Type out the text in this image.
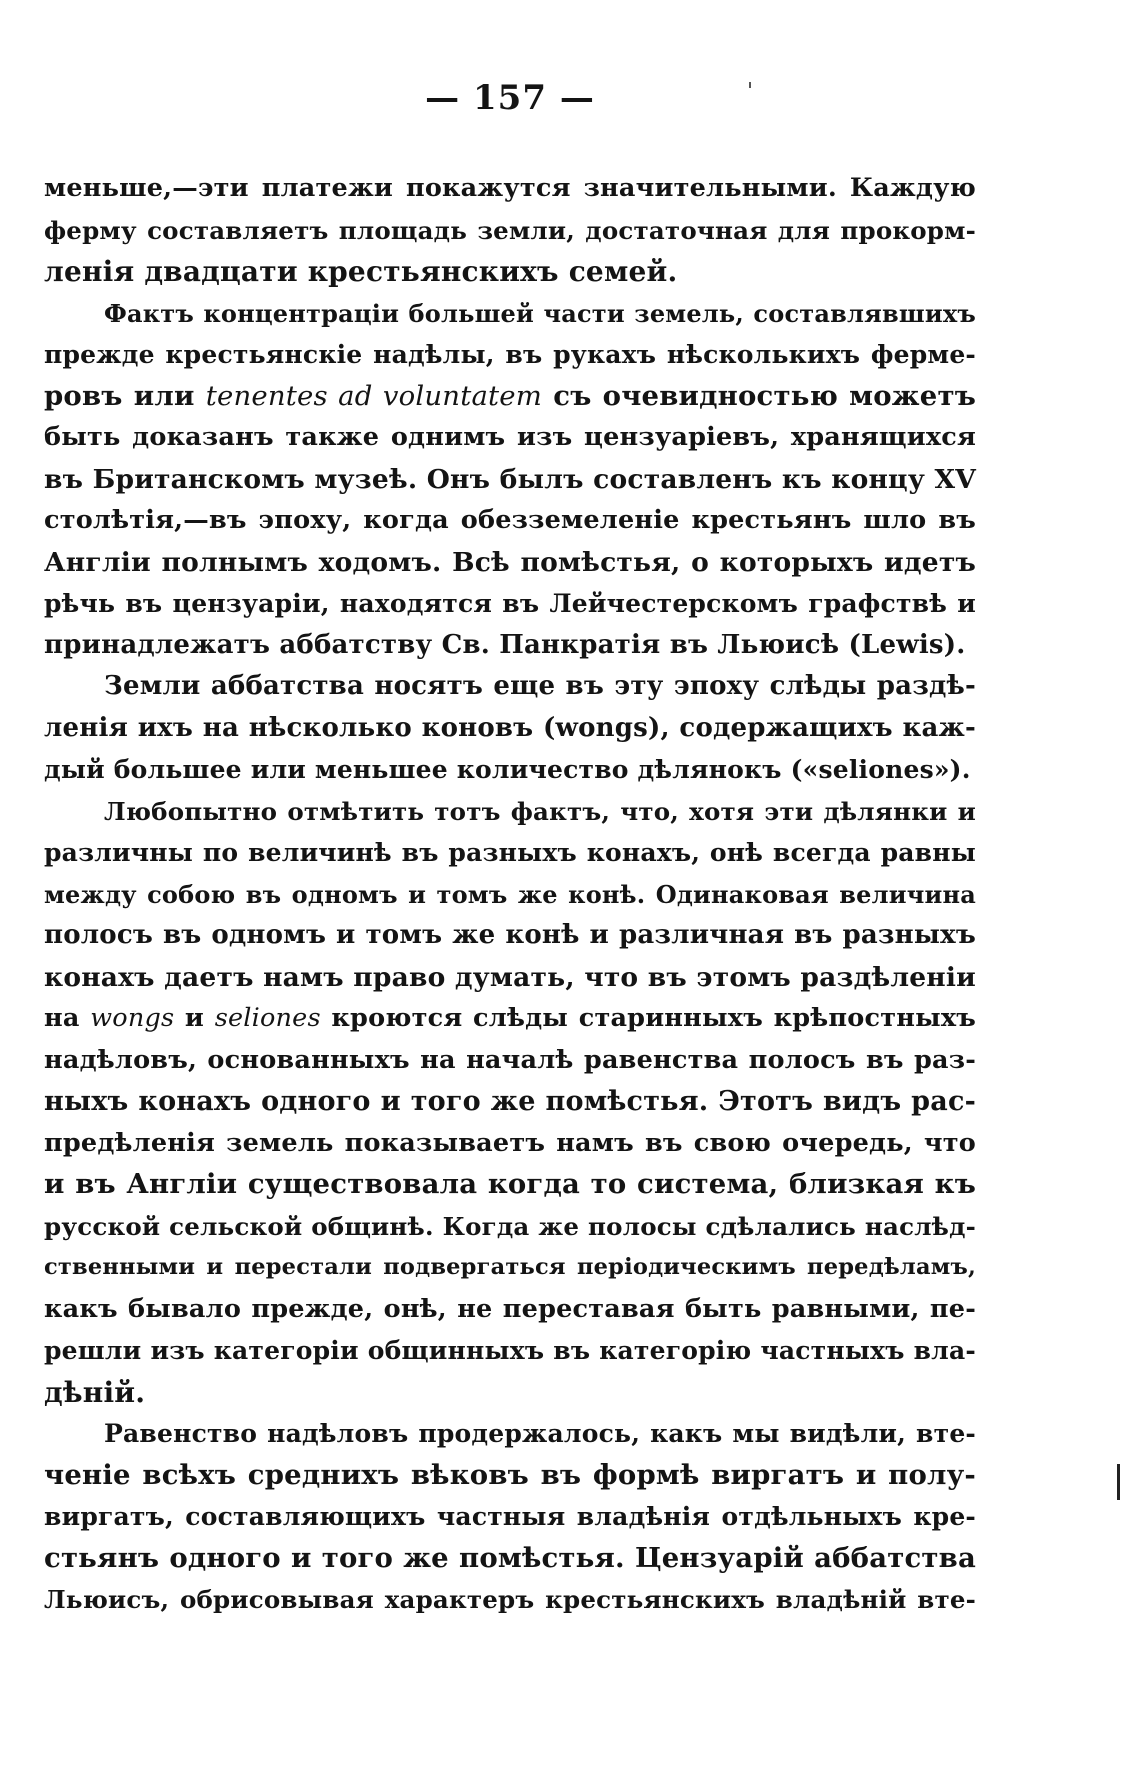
— 157 —
меньше,—эти платежи покажутся значительными. Каждую
ферму составляетъ площадь земли, достаточная для прокорм-
ленія двадцати крестьянскихъ семей.
Фактъ концентраціи большей части земель, составлявшихъ
прежде крестьянскіе надѣлы, въ рукахъ нѣсколькихъ ферме-
ровъ или tenentes ad voluntatem съ очевидностью можетъ
быть доказанъ также однимъ изъ цензуаріевъ, хранящихся
въ Британскомъ музеѣ. Онъ былъ составленъ къ концу XV
столѣтія,—въ эпоху, когда обезземеленіе крестьянъ шло въ
Англіи полнымъ ходомъ. Всѣ помѣстья, о которыхъ идетъ
рѣчь въ цензуаріи, находятся въ Лейчестерскомъ графствѣ и
принадлежатъ аббатству Св. Панкратія въ Льюисѣ (Lewis).
Земли аббатства носятъ еще въ эту эпоху слѣды раздѣ-
ленія ихъ на нѣсколько коновъ (wongs), содержащихъ каж-
дый большее или меньшее количество дѣлянокъ («seliones»).
Любопытно отмѣтить тотъ фактъ, что, хотя эти дѣлянки и
различны по величинѣ въ разныхъ конахъ, онѣ всегда равны
между собою въ одномъ и томъ же конѣ. Одинаковая величина
полосъ въ одномъ и томъ же конѣ и различная въ разныхъ
конахъ даетъ намъ право думать, что въ этомъ раздѣленіи
на wongs и seliones кроются слѣды старинныхъ крѣпостныхъ
надѣловъ, основанныхъ на началѣ равенства полосъ въ раз-
ныхъ конахъ одного и того же помѣстья. Этотъ видъ рас-
предѣленія земель показываетъ намъ въ свою очередь, что
и въ Англіи существовала когда то система, близкая къ
русской сельской общинѣ. Когда же полосы сдѣлались наслѣд-
ственными и перестали подвергаться періодическимъ передѣламъ,
какъ бывало прежде, онѣ, не переставая быть равными, пе-
решли изъ категоріи общинныхъ въ категорію частныхъ вла-
дѣній.
Равенство надѣловъ продержалось, какъ мы видѣли, вте-
ченіе всѣхъ среднихъ вѣковъ въ формѣ виргатъ и полу-
виргатъ, составляющихъ частныя владѣнія отдѣльныхъ кре-
стьянъ одного и того же помѣстья. Цензуарій аббатства
Льюисъ, обрисовывая характеръ крестьянскихъ владѣній вте-
